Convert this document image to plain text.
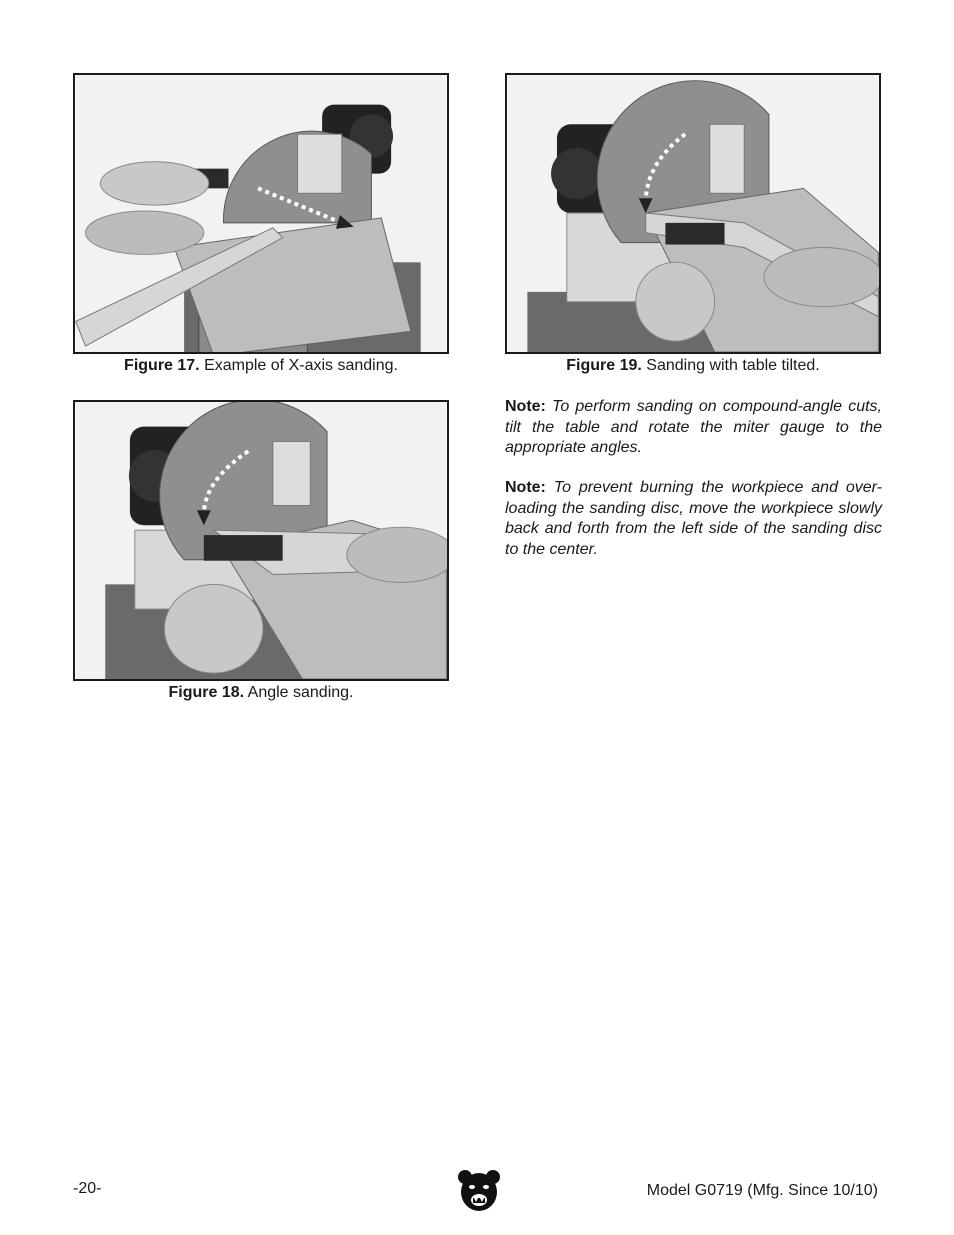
Figure 17. Example of X-axis sanding.	Figure 19. Sanding with table tilted.
Figure 18. Angle sanding.

Note: To perform sanding on compound-angle cuts, tilt the table and rotate the miter gauge to the appropriate angles.

Note: To prevent burning the workpiece and over-loading the sanding disc, move the workpiece slowly back and forth from the left side of the sanding disc to the center.

-20-	Model G0719 (Mfg. Since 10/10)
